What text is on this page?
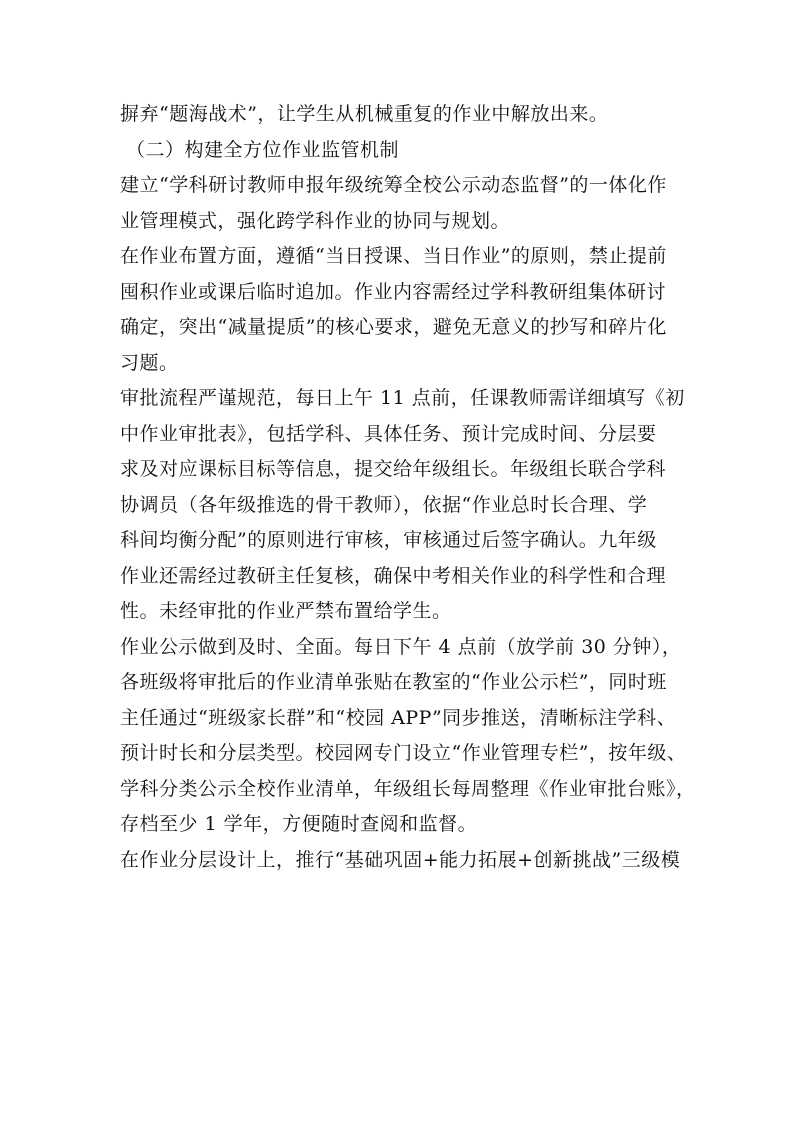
摒弃“题海战术”，让学生从机械重复的作业中解放出来。
（二）构建全方位作业监管机制
建立“学科研讨教师申报年级统筹全校公示动态监督”的一体化作
业管理模式，强化跨学科作业的协同与规划。
在作业布置方面，遵循“当日授课、当日作业”的原则，禁止提前
囤积作业或课后临时追加。作业内容需经过学科教研组集体研讨
确定，突出“减量提质”的核心要求，避免无意义的抄写和碎片化
习题。
审批流程严谨规范，每日上午 11 点前，任课教师需详细填写《初
中作业审批表》，包括学科、具体任务、预计完成时间、分层要
求及对应课标目标等信息，提交给年级组长。年级组长联合学科
协调员（各年级推选的骨干教师），依据“作业总时长合理、学
科间均衡分配”的原则进行审核，审核通过后签字确认。九年级
作业还需经过教研主任复核，确保中考相关作业的科学性和合理
性。未经审批的作业严禁布置给学生。
作业公示做到及时、全面。每日下午 4 点前（放学前 30 分钟），
各班级将审批后的作业清单张贴在教室的“作业公示栏”，同时班
主任通过“班级家长群”和“校园 APP”同步推送，清晰标注学科、
预计时长和分层类型。校园网专门设立“作业管理专栏”，按年级、
学科分类公示全校作业清单，年级组长每周整理《作业审批台账》，
存档至少 1 学年，方便随时查阅和监督。
在作业分层设计上，推行“基础巩固+能力拓展+创新挑战”三级模
